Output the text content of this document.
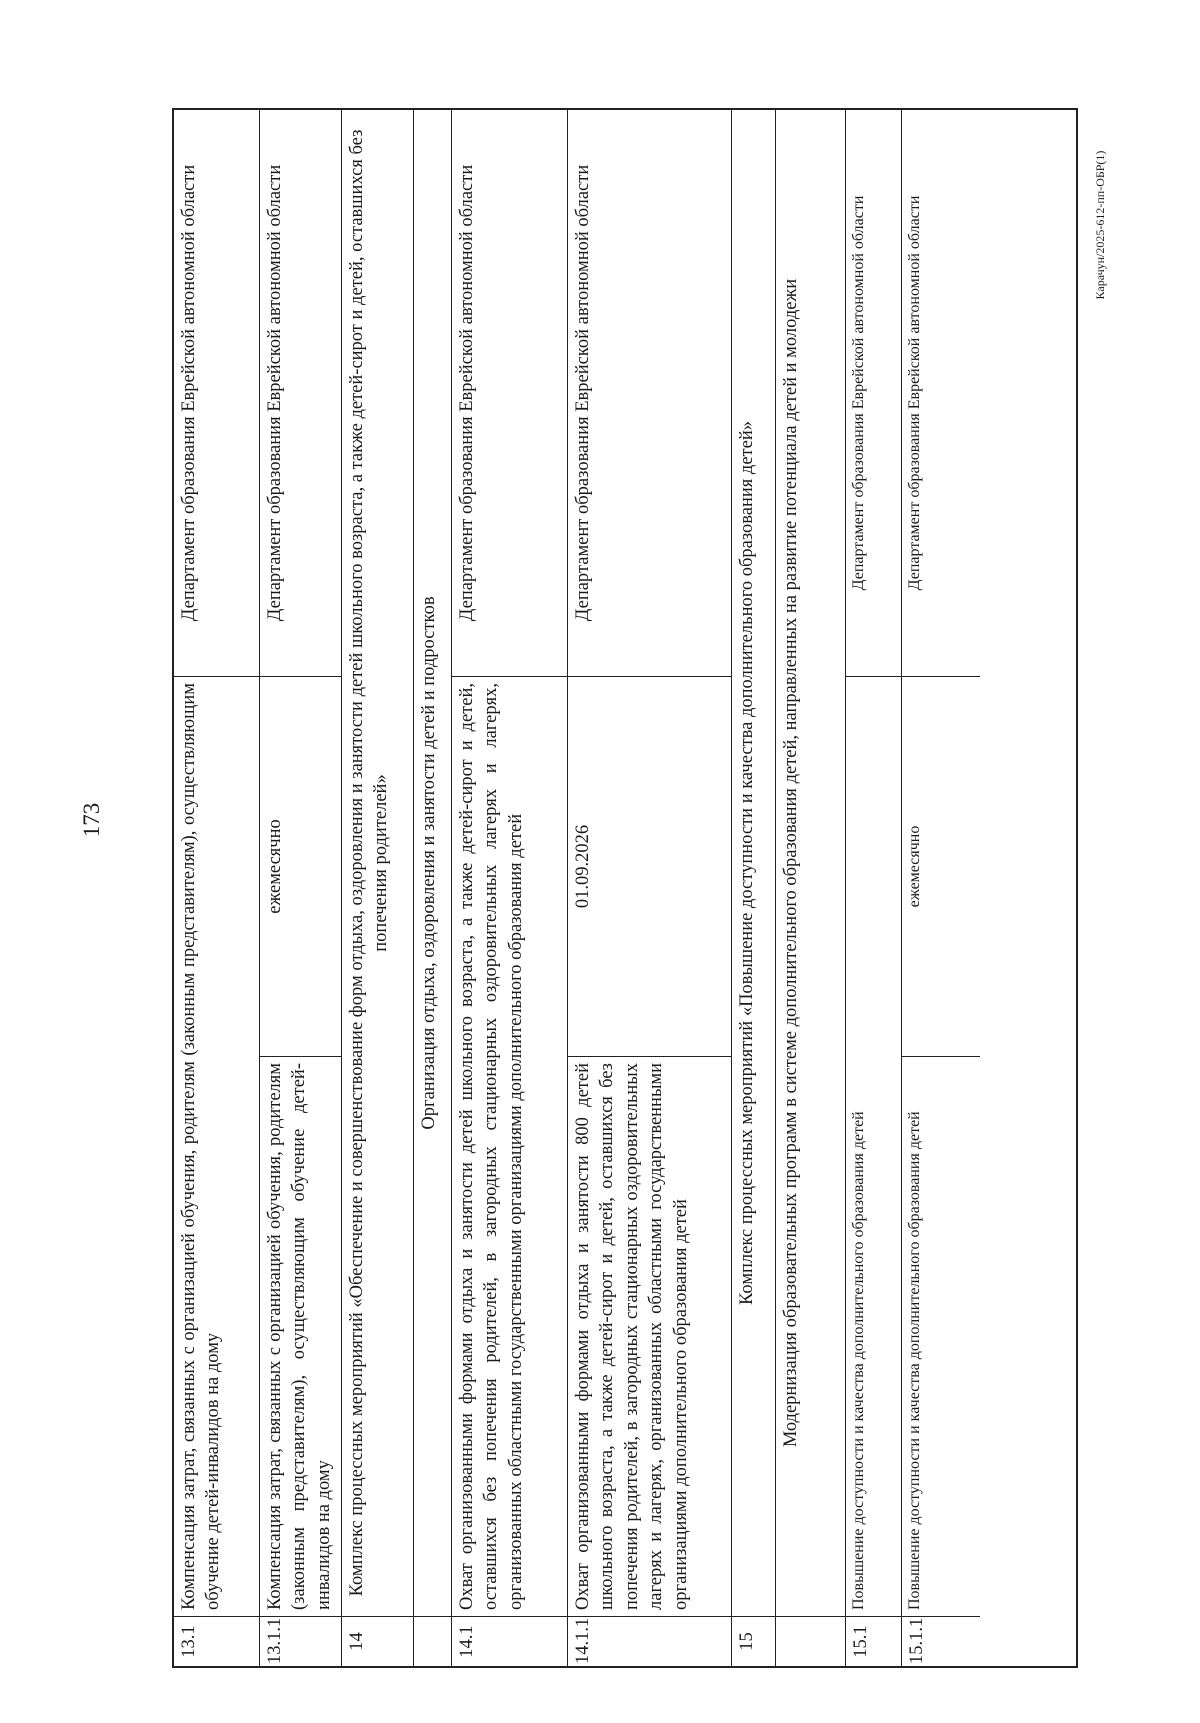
173
13.1
Компенсация затрат, связанных с организацией обучения, родителям (законным представителям), осуществляющим обучение детей-инвалидов на дому
Департамент образования Еврейской автономной области
13.1.1
Компенсация затрат, связанных с организацией обучения, родителям (законным представителям), осуществляющим обучение детей-инвалидов на дому
ежемесячно
Департамент образования Еврейской автономной области
14
Комплекс процессных мероприятий «Обеспечение и совершенствование форм отдыха, оздоровления и занятости детей школьного возраста, а также детей-сирот и детей, оставшихся без попечения родителей»	Организация отдыха, оздоровления и занятости детей и подростков
14.1
Охват организованными формами отдыха и занятости детей школьного возраста, а также детей-сирот и детей, оставшихся без попечения родителей, в загородных стационарных оздоровительных лагерях и лагерях, организованных областными государственными организациями дополнительного образования детей
Департамент образования Еврейской автономной области
14.1.1
Охват организованными формами отдыха и занятости 800 детей школьного возраста, а также детей-сирот и детей, оставшихся без попечения родителей, в загородных стационарных оздоровительных лагерях и лагерях, организованных областными государственными организациями дополнительного образования детей
01.09.2026
Департамент образования Еврейской автономной области
15
Комплекс процессных мероприятий «Повышение доступности и качества дополнительного образования детей»	Модернизация образовательных программ в системе дополнительного образования детей, направленных на развитие потенциала детей и молодежи
15.1
Повышение доступности и качества дополнительного образования детей
Департамент образования Еврейской автономной области
15.1.1
Повышение доступности и качества дополнительного образования детей
ежемесячно
Департамент образования Еврейской автономной области	Карачун/2025-612-пп-ОБР(1)
